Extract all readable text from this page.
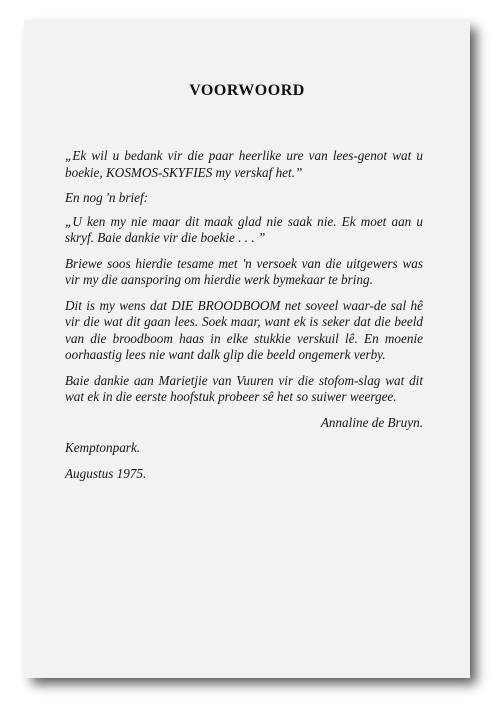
VOORWOORD

„Ek wil u bedank vir die paar heerlike ure van lees-genot wat u boekie, KOSMOS-SKYFIES my verskaf het.”

En nog 'n brief:

„U ken my nie maar dit maak glad nie saak nie. Ek moet aan u skryf. Baie dankie vir die boekie . . . ”

Briewe soos hierdie tesame met 'n versoek van die uitgewers was vir my die aansporing om hierdie werk bymekaar te bring.

Dit is my wens dat DIE BROODBOOM net soveel waar-de sal hê vir die wat dit gaan lees. Soek maar, want ek is seker dat die beeld van die broodboom haas in elke stukkie verskuil lê. En moenie oorhaastig lees nie want dalk glip die beeld ongemerk verby.

Baie dankie aan Marietjie van Vuuren vir die stofom-slag wat dit wat ek in die eerste hoofstuk probeer sê het so suiwer weergee.

Annaline de Bruyn.

Kemptonpark.

Augustus 1975.
